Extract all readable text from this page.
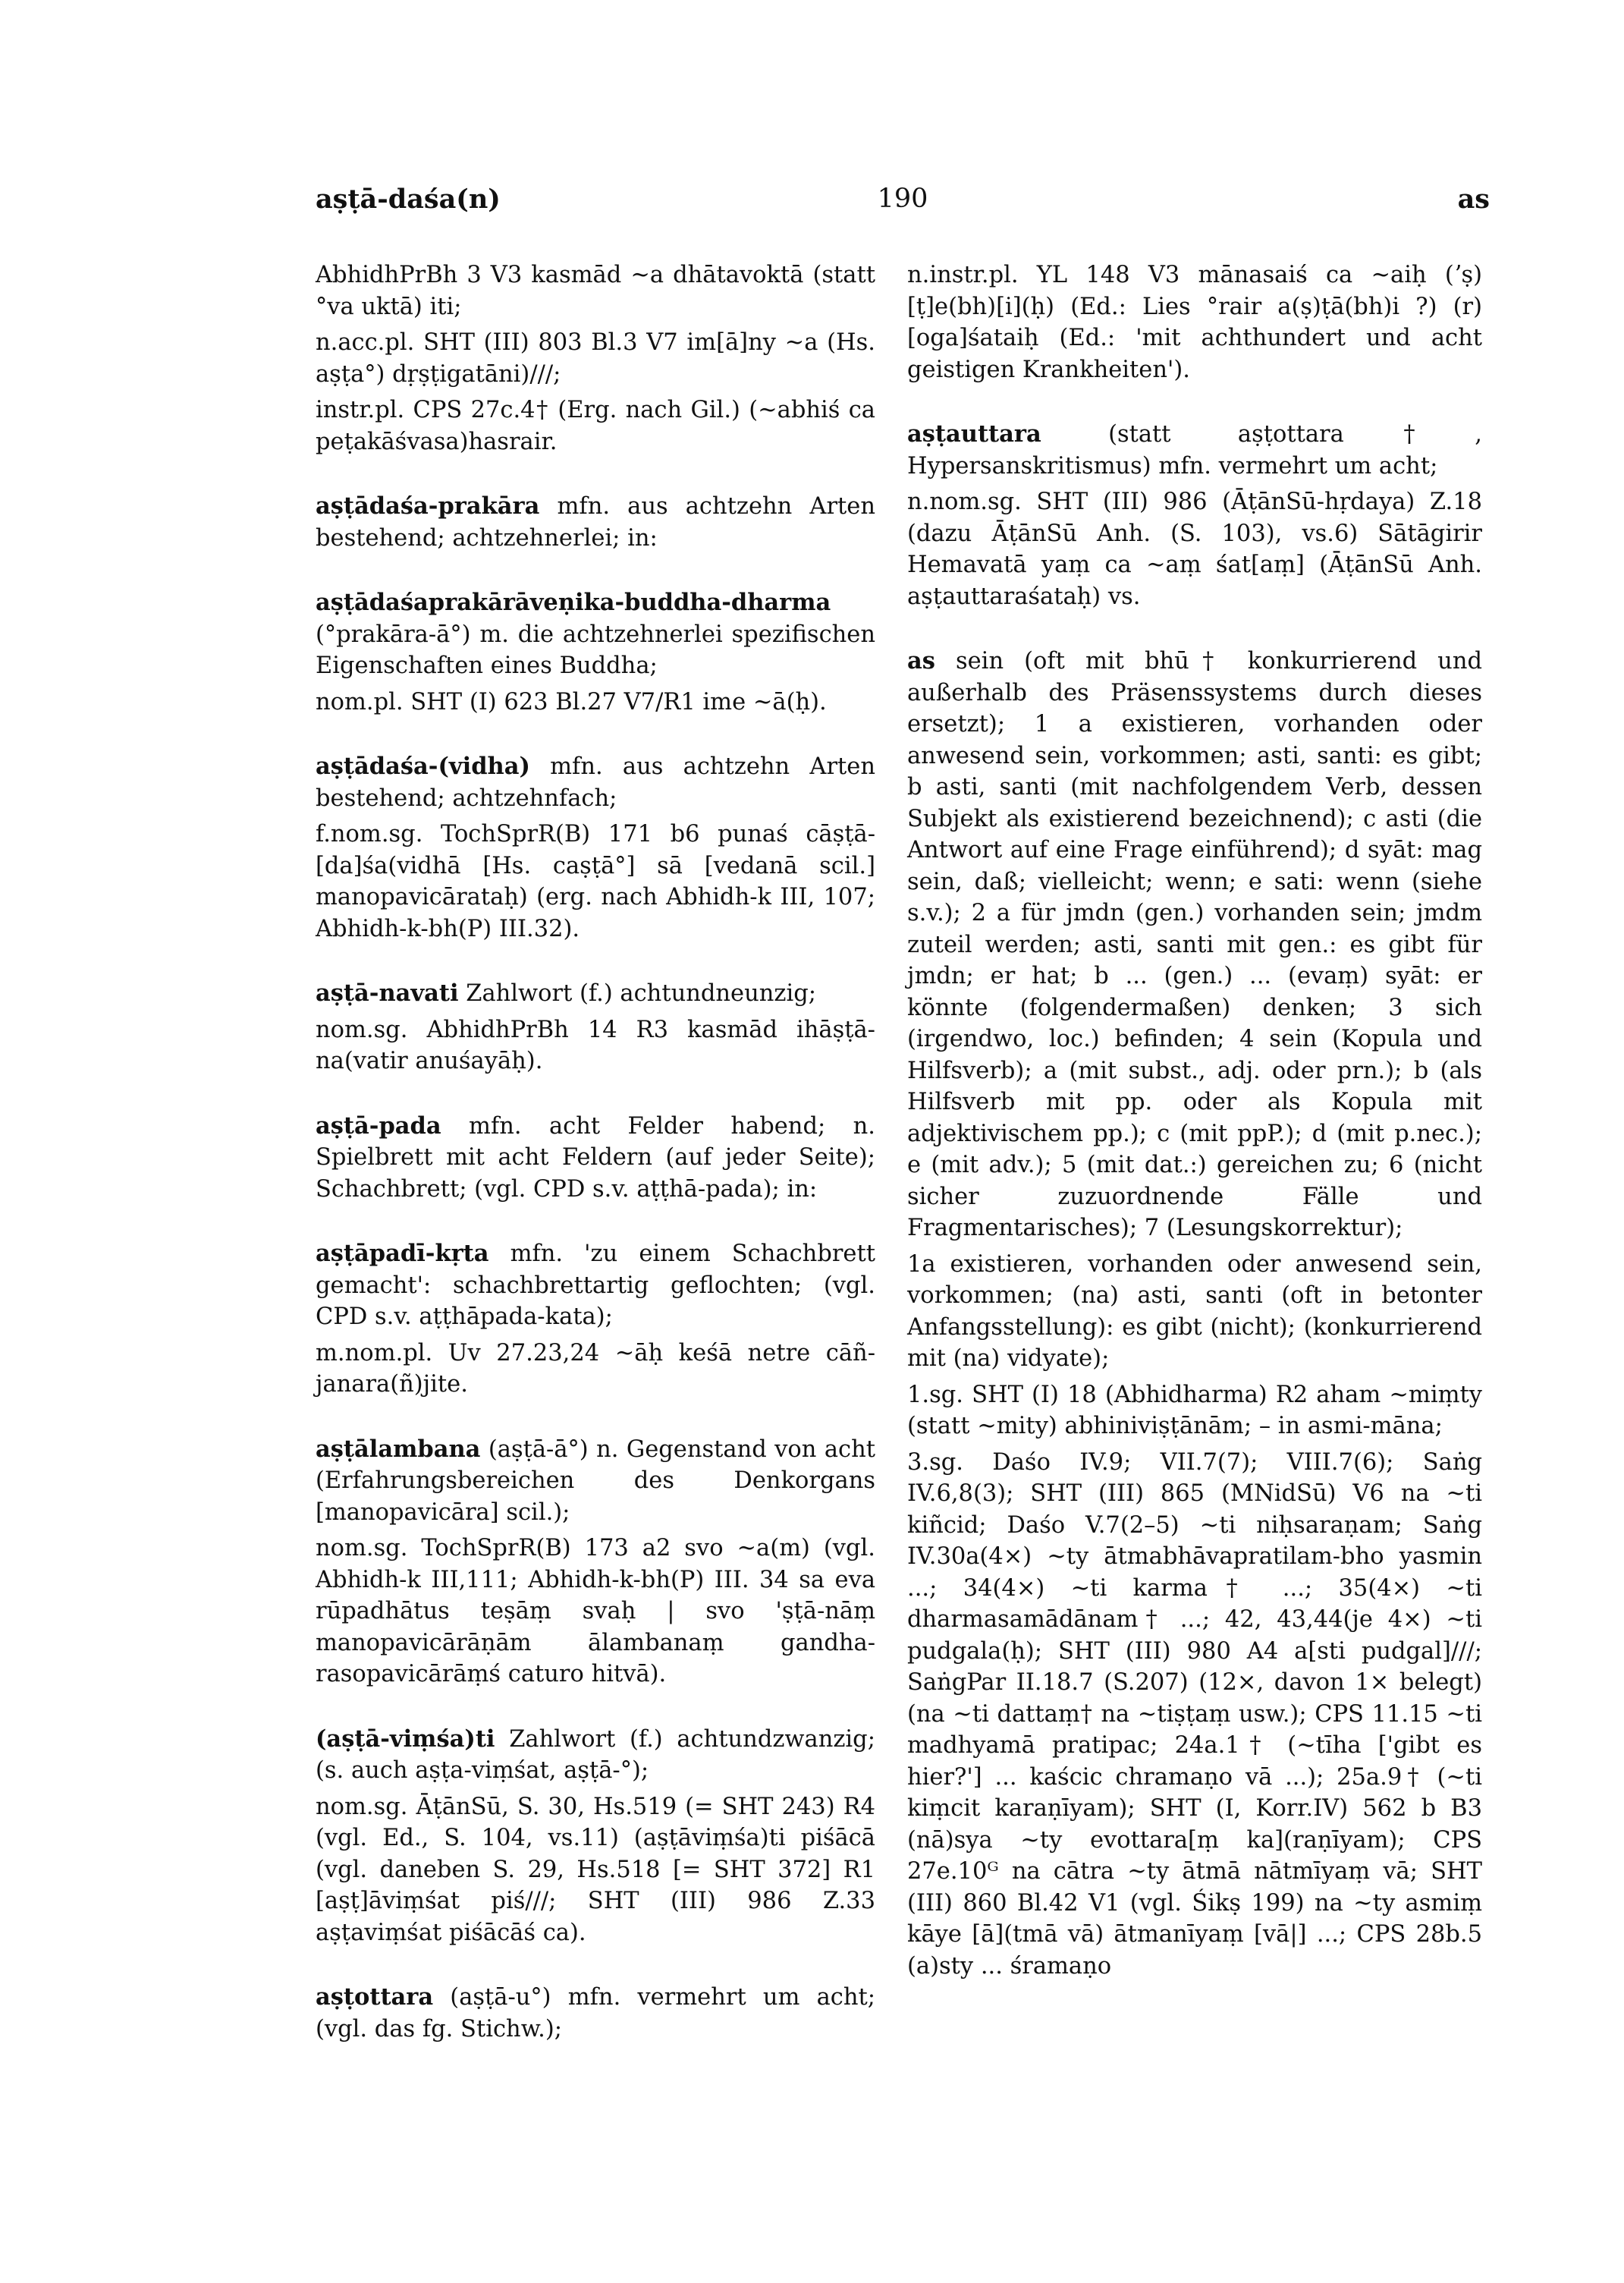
aṣṭā-daśa(n)	190	as

AbhidhPrBh 3 V3 kasmād ~a dhātavoktā (statt °va uktā) iti;

n.acc.pl. SHT (III) 803 Bl.3 V7 im[ā]ny ~a (Hs. aṣṭa°) dṛṣṭigatāni)///;

instr.pl. CPS 27c.4† (Erg. nach Gil.) (~abhiś ca peṭakāśvasa)hasrair.

aṣṭādaśa-prakāra mfn. aus achtzehn Arten bestehend; achtzehnerlei; in:

aṣṭādaśaprakārāveṇika-buddha-dharma (°prakāra-ā°) m. die achtzehnerlei spezifischen Eigenschaften eines Buddha;

nom.pl. SHT (I) 623 Bl.27 V7/R1 ime ~ā(ḥ).

aṣṭādaśa-(vidha) mfn. aus achtzehn Arten bestehend; achtzehnfach;

f.nom.sg. TochSprR(B) 171 b6 punaś cāṣṭā-[da]śa(vidhā [Hs. caṣṭā°] sā [vedanā scil.] manopavicārataḥ) (erg. nach Abhidh-k III, 107; Abhidh-k-bh(P) III.32).

aṣṭā-navati Zahlwort (f.) achtundneunzig;

nom.sg. AbhidhPrBh 14 R3 kasmād ihāṣṭā-na(vatir anuśayāḥ).

aṣṭā-pada mfn. acht Felder habend; n. Spielbrett mit acht Feldern (auf jeder Seite); Schachbrett; (vgl. CPD s.v. aṭṭhā-pada); in:

aṣṭāpadī-kṛta mfn. 'zu einem Schachbrett gemacht': schachbrettartig geflochten; (vgl. CPD s.v. aṭṭhāpada-kata);

m.nom.pl. Uv 27.23,24 ~āḥ keśā netre cāñ-janara(ñ)jite.

aṣṭālambana (aṣṭā-ā°) n. Gegenstand von acht (Erfahrungsbereichen des Denkorgans [manopavicāra] scil.);

nom.sg. TochSprR(B) 173 a2 svo ~a(m) (vgl. Abhidh-k III,111; Abhidh-k-bh(P) III. 34 sa eva rūpadhātus teṣāṃ svaḥ | svo 'ṣṭā-nāṃ manopavicārāṇām ālambanaṃ gandha-rasopavicārāṃś caturo hitvā).

(aṣṭā-viṃśa)ti Zahlwort (f.) achtundzwanzig; (s. auch aṣṭa-viṃśat, aṣṭā-°);

nom.sg. ĀṭānSū, S. 30, Hs.519 (= SHT 243) R4 (vgl. Ed., S. 104, vs.11) (aṣṭāviṃśa)ti piśācā (vgl. daneben S. 29, Hs.518 [= SHT 372] R1 [aṣṭ]āviṃśat piś///; SHT (III) 986 Z.33 aṣṭaviṃśat piśācāś ca).

aṣṭottara (aṣṭā-u°) mfn. vermehrt um acht; (vgl. das fg. Stichw.);

n.instr.pl. YL 148 V3 mānasaiś ca ~aiḥ (ʼṣ)[ṭ]e(bh)[i](ḥ) (Ed.: Lies °rair a(ṣ)ṭā(bh)i ?) (r)[oga]śataiḥ (Ed.: 'mit achthundert und acht geistigen Krankheiten').

aṣṭauttara	(statt aṣṭottara†, Hypersanskritismus) mfn. vermehrt um acht;

n.nom.sg. SHT (III) 986 (ĀṭānSū-hṛdaya) Z.18 (dazu ĀṭānSū Anh. (S. 103), vs.6) Sātāgirir Hemavatā yaṃ ca ~aṃ śat[aṃ] (ĀṭānSū Anh. aṣṭauttaraśataḥ) vs.

as sein (oft mit bhū† konkurrierend und außerhalb des Präsenssystems durch dieses ersetzt); 1 a existieren, vorhanden oder anwesend sein, vorkommen; asti, santi: es gibt; b asti, santi (mit nachfolgendem Verb, dessen Subjekt als existierend bezeichnend); c asti (die Antwort auf eine Frage einführend); d syāt: mag sein, daß; vielleicht; wenn; e sati: wenn (siehe s.v.); 2 a für jmdn (gen.) vorhanden sein; jmdm zuteil werden; asti, santi mit gen.: es gibt für jmdn; er hat; b ... (gen.) ... (evaṃ) syāt: er könnte (folgendermaßen) denken; 3 sich (irgendwo, loc.) befinden; 4 sein (Kopula und Hilfsverb); a (mit subst., adj. oder prn.); b (als Hilfsverb mit pp. oder als Kopula mit adjektivischem pp.); c (mit ppP.); d (mit p.nec.); e (mit adv.); 5 (mit dat.:) gereichen zu; 6 (nicht sicher zuzuordnende Fälle und Fragmentarisches); 7 (Lesungskorrektur);

1a existieren, vorhanden oder anwesend sein, vorkommen; (na) asti, santi (oft in betonter Anfangsstellung): es gibt (nicht); (konkurrierend mit (na) vidyate);

1.sg. SHT (I) 18 (Abhidharma) R2 aham ~miṃty (statt ~mity) abhiniviṣṭānām; – in asmi-māna;

3.sg. Daśo IV.9; VII.7(7); VIII.7(6); Saṅg IV.6,8(3); SHT (III) 865 (MNidSū) V6 na ~ti kiñcid; Daśo V.7(2–5) ~ti niḥsaraṇam; Saṅg IV.30a(4×) ~ty ātmabhāvapratilam-bho yasmin ...; 34(4×) ~ti karma† ...; 35(4×) ~ti dharmasamādānam† ...; 42, 43,44(je 4×) ~ti pudgala(ḥ); SHT (III) 980 A4 a[sti pudgal]///; SaṅgPar II.18.7 (S.207) (12×, davon 1× belegt) (na ~ti dattaṃ† na ~tiṣṭaṃ usw.); CPS 11.15 ~ti madhyamā pratipac; 24a.1† (~tīha ['gibt es hier?'] ... kaścic chramaṇo vā ...); 25a.9† (~ti kiṃcit karaṇīyam); SHT (I, Korr.IV) 562 b B3 (nā)sya ~ty evottara[ṃ ka](raṇīyam); CPS 27e.10ᴳ na cātra ~ty ātmā nātmīyaṃ vā; SHT (III) 860 Bl.42 V1 (vgl. Śikṣ 199) na ~ty asmiṃ kāye [ā](tmā vā) ātmanīyaṃ [vā|] ...; CPS 28b.5 (a)sty ... śramaṇo
